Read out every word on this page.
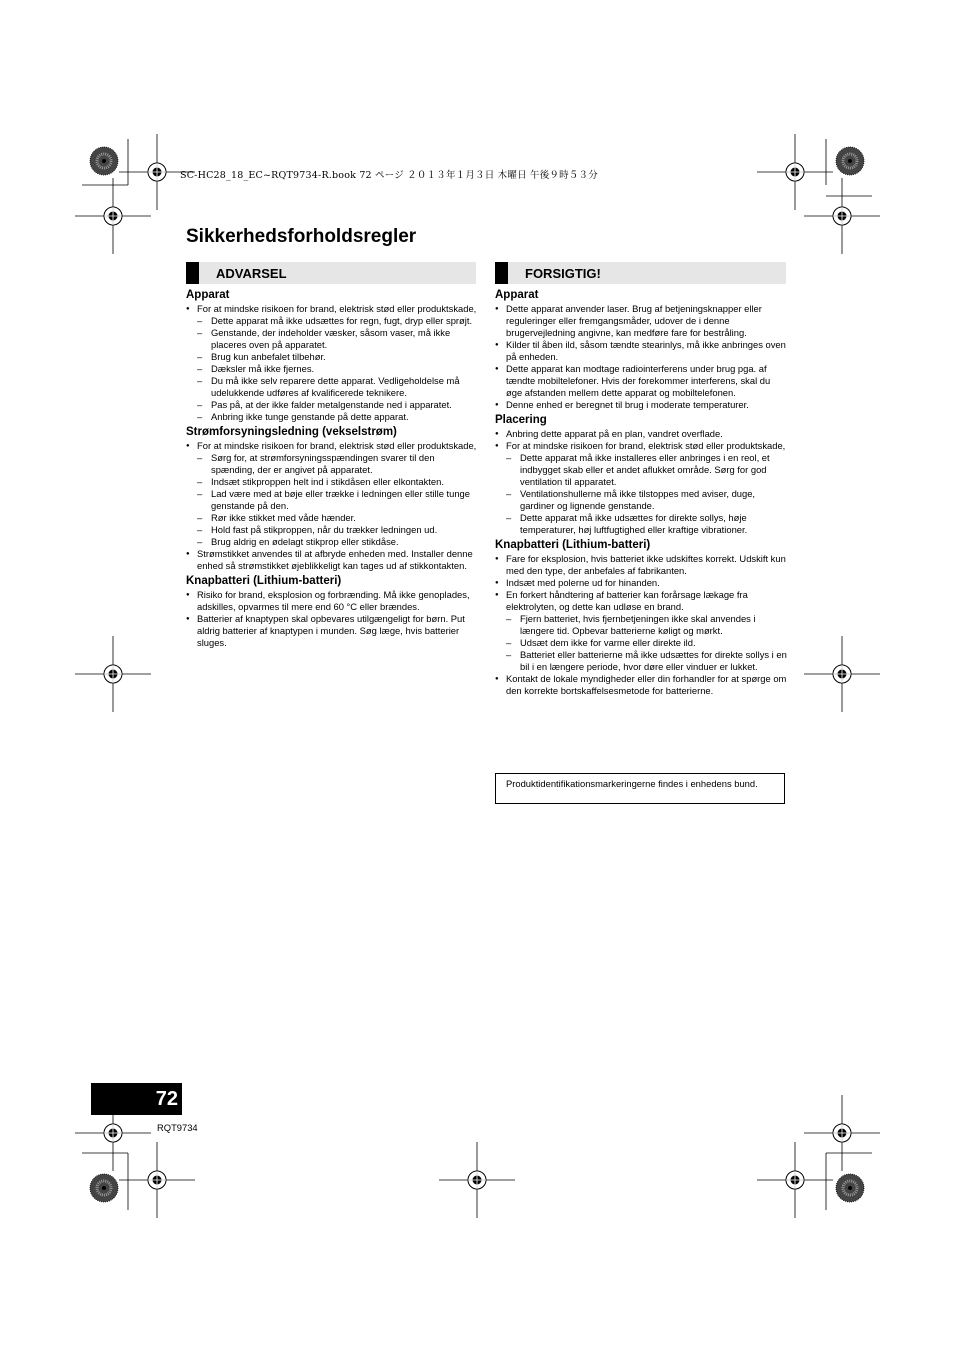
SC-HC28_18_EC~RQT9734-R.book 72 ページ ２０１３年１月３日 木曜日 午後９時５３分
Sikkerhedsforholdsregler
ADVARSEL
Apparat
● For at mindske risikoen for brand, elektrisk stød eller produktskade,
– Dette apparat må ikke udsættes for regn, fugt, dryp eller sprøjt.
– Genstande, der indeholder væsker, såsom vaser, må ikke placeres oven på apparatet.
– Brug kun anbefalet tilbehør.
– Dæksler må ikke fjernes.
– Du må ikke selv reparere dette apparat. Vedligeholdelse må udelukkende udføres af kvalificerede teknikere.
– Pas på, at der ikke falder metalgenstande ned i apparatet.
– Anbring ikke tunge genstande på dette apparat.
Strømforsyningsledning (vekselstrøm)
● For at mindske risikoen for brand, elektrisk stød eller produktskade,
– Sørg for, at strømforsyningsspændingen svarer til den spænding, der er angivet på apparatet.
– Indsæt stikproppen helt ind i stikdåsen eller elkontakten.
– Lad være med at bøje eller trække i ledningen eller stille tunge genstande på den.
– Rør ikke stikket med våde hænder.
– Hold fast på stikproppen, når du trækker ledningen ud.
– Brug aldrig en ødelagt stikprop eller stikdåse.
● Strømstikket anvendes til at afbryde enheden med. Installer denne enhed så strømstikket øjeblikkeligt kan tages ud af stikkontakten.
Knapbatteri (Lithium-batteri)
● Risiko for brand, eksplosion og forbrænding. Må ikke genoplades, adskilles, opvarmes til mere end 60 °C eller brændes.
● Batterier af knaptypen skal opbevares utilgængeligt for børn. Put aldrig batterier af knaptypen i munden. Søg læge, hvis batterier sluges.
FORSIGTIG!
Apparat
● Dette apparat anvender laser. Brug af betjeningsknapper eller reguleringer eller fremgangsmåder, udover de i denne brugervejledning angivne, kan medføre fare for bestråling.
● Kilder til åben ild, såsom tændte stearinlys, må ikke anbringes oven på enheden.
● Dette apparat kan modtage radiointerferens under brug pga. af tændte mobiltelefoner. Hvis der forekommer interferens, skal du øge afstanden mellem dette apparat og mobiltelefonen.
● Denne enhed er beregnet til brug i moderate temperaturer.
Placering
● Anbring dette apparat på en plan, vandret overflade.
● For at mindske risikoen for brand, elektrisk stød eller produktskade,
– Dette apparat må ikke installeres eller anbringes i en reol, et indbygget skab eller et andet aflukket område. Sørg for god ventilation til apparatet.
– Ventilationshullerne må ikke tilstoppes med aviser, duge, gardiner og lignende genstande.
– Dette apparat må ikke udsættes for direkte sollys, høje temperaturer, høj luftfugtighed eller kraftige vibrationer.
Knapbatteri (Lithium-batteri)
● Fare for eksplosion, hvis batteriet ikke udskiftes korrekt. Udskift kun med den type, der anbefales af fabrikanten.
● Indsæt med polerne ud for hinanden.
● En forkert håndtering af batterier kan forårsage lækage fra elektrolyten, og dette kan udløse en brand.
– Fjern batteriet, hvis fjernbetjeningen ikke skal anvendes i længere tid. Opbevar batterierne køligt og mørkt.
– Udsæt dem ikke for varme eller direkte ild.
– Batteriet eller batterierne må ikke udsættes for direkte sollys i en bil i en længere periode, hvor døre eller vinduer er lukket.
● Kontakt de lokale myndigheder eller din forhandler for at spørge om den korrekte bortskaffelsesmetode for batterierne.
Produktidentifikationsmarkeringerne findes i enhedens bund.
72
RQT9734
